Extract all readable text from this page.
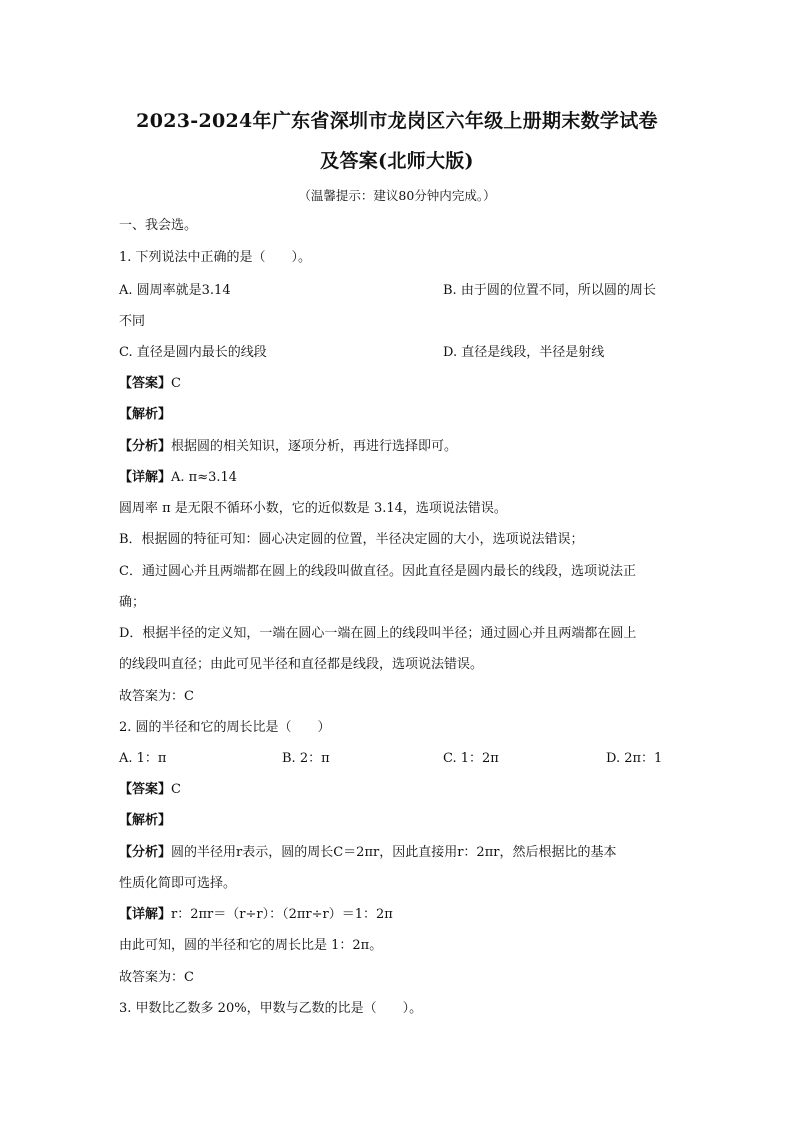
2023-2024年广东省深圳市龙岗区六年级上册期末数学试卷
及答案(北师大版)
（温馨提示：建议80分钟内完成。）
一、我会选。
1. 下列说法中正确的是（　　）。
A. 圆周率就是3.14	B. 由于圆的位置不同，所以圆的周长
不同
C. 直径是圆内最长的线段	D. 直径是线段，半径是射线
【答案】C
【解析】
【分析】根据圆的相关知识，逐项分析，再进行选择即可。
【详解】A. π≈3.14
圆周率 π 是无限不循环小数，它的近似数是 3.14，选项说法错误。
B．根据圆的特征可知：圆心决定圆的位置，半径决定圆的大小，选项说法错误；
C．通过圆心并且两端都在圆上的线段叫做直径。因此直径是圆内最长的线段，选项说法正
确；
D．根据半径的定义知，一端在圆心一端在圆上的线段叫半径；通过圆心并且两端都在圆上
的线段叫直径；由此可见半径和直径都是线段，选项说法错误。
故答案为：C
2. 圆的半径和它的周长比是（　　）
A. 1：π	B. 2：π	C. 1：2π	D. 2π：1
【答案】C
【解析】
【分析】圆的半径用r表示，圆的周长C＝2πr，因此直接用r：2πr，然后根据比的基本
性质化简即可选择。
【详解】r：2πr＝（r÷r）：（2πr÷r）＝1：2π
由此可知，圆的半径和它的周长比是 1：2π。
故答案为：C
3. 甲数比乙数多 20%，甲数与乙数的比是（　　）。
